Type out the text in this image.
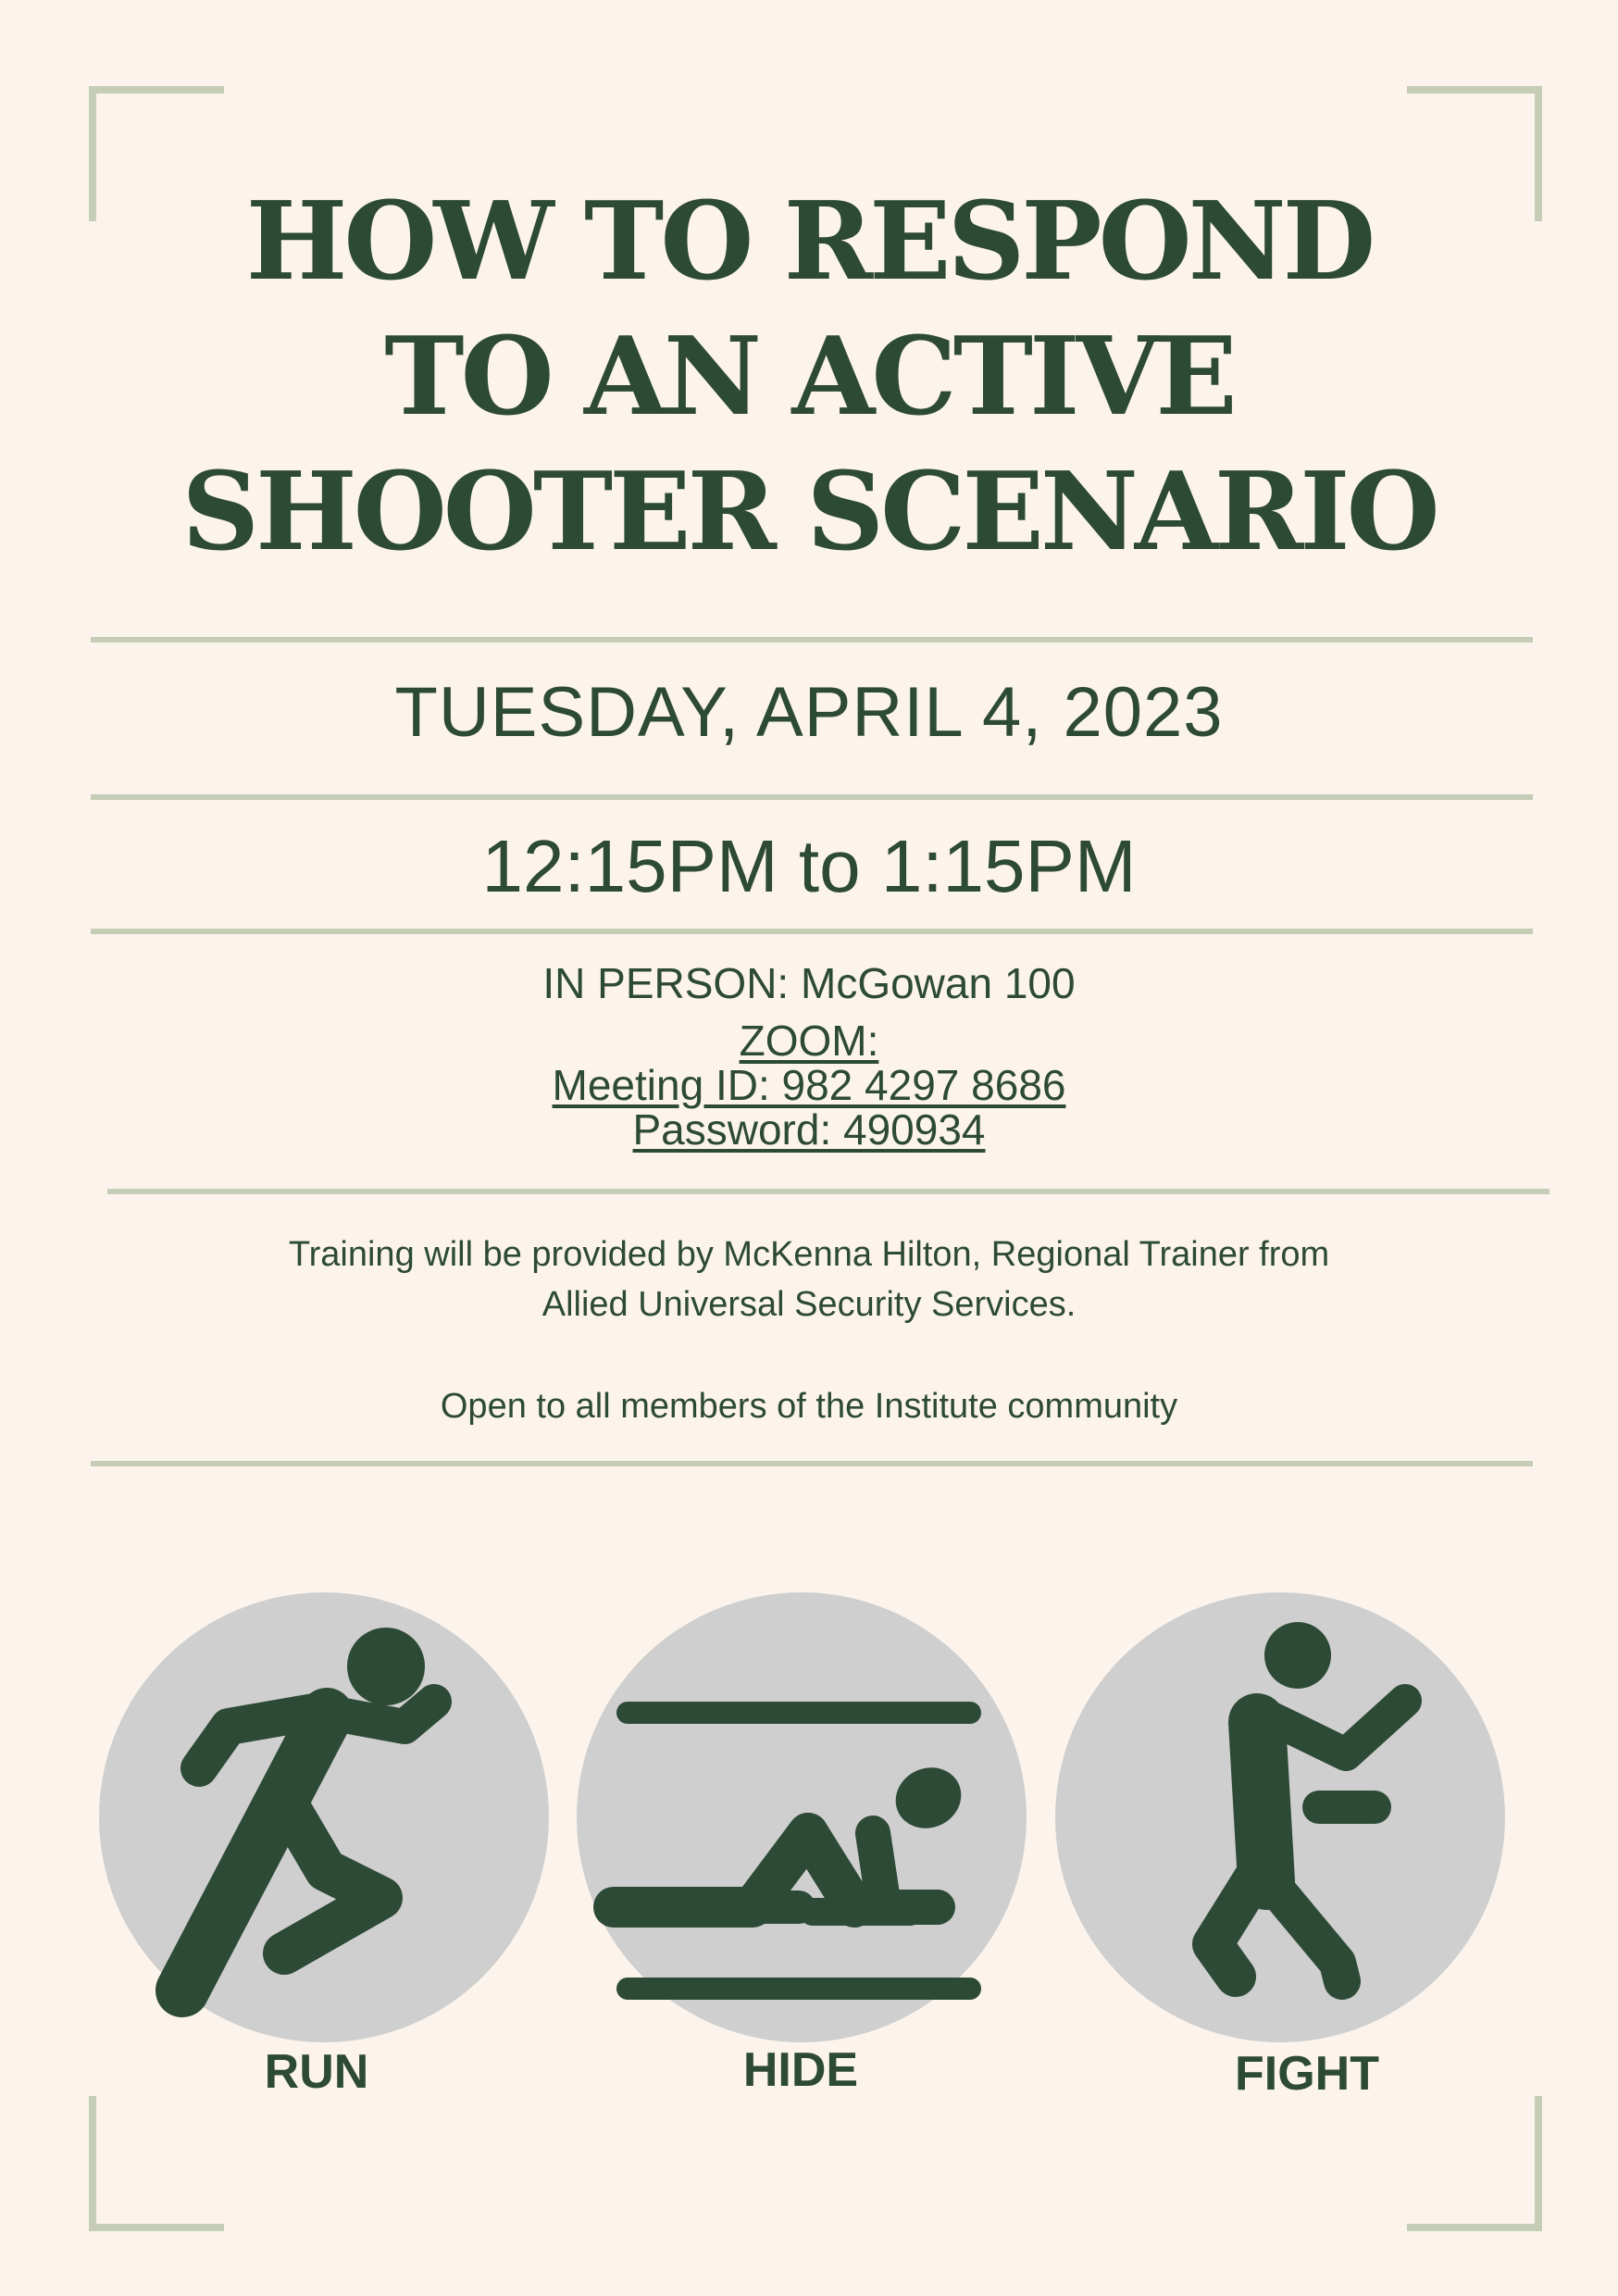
HOW TO RESPOND
TO AN ACTIVE
SHOOTER SCENARIO
TUESDAY, APRIL 4, 2023
12:15PM to 1:15PM
IN PERSON: McGowan 100
ZOOM:
Meeting ID: 982 4297 8686
Password: 490934
Training will be provided by McKenna Hilton, Regional Trainer from
Allied Universal Security Services.
Open to all members of the Institute community
RUN	HIDE	FIGHT
